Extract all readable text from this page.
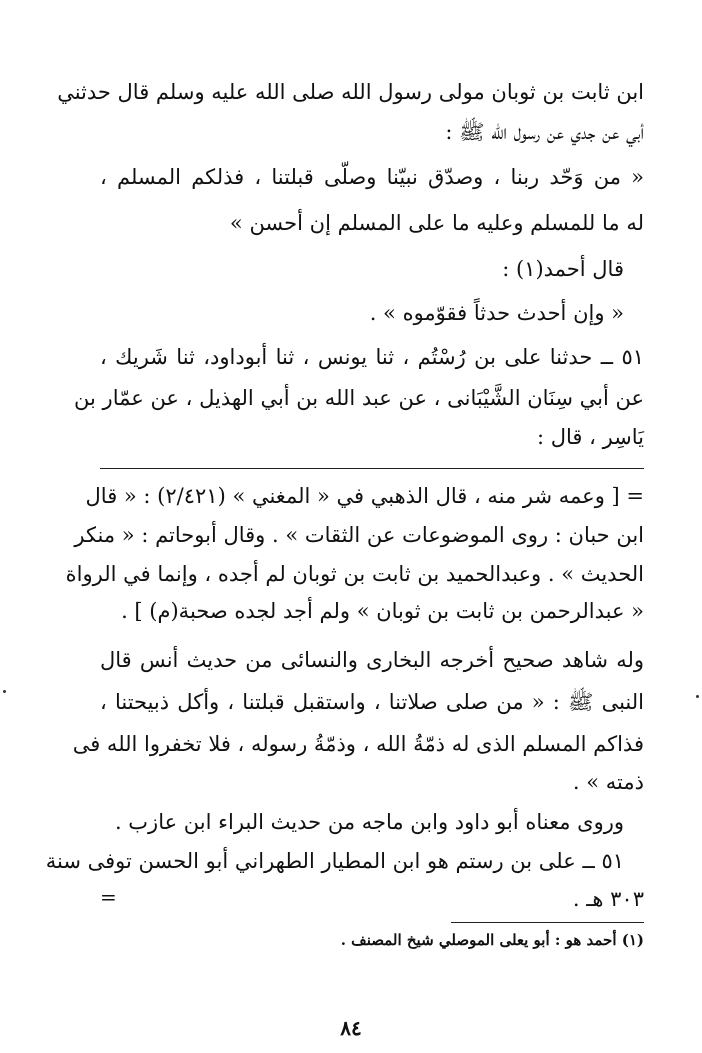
ابن ثابت بن ثوبان مولى رسول الله صلى الله عليه وسلم قال حدثني
أبي عن جدي عن رسول الله ﷺ :
« من وَحّد ربنا ، وصدّق نبيّنا وصلّى قبلتنا ، فذلكم المسلم ،
له ما للمسلم وعليه ما على المسلم إن أحسن »
قال أحمد(١) :
« وإن أحدث حدثاً فقوّموه » .
٥١ ــ حدثنا على بن رُسْتُم ، ثنا يونس ، ثنا أبوداود، ثنا شَريك ،
عن أبي سِنَان الشَّيْبَانى ، عن عبد الله بن أبي الهذيل ، عن عمّار بن
يَاسِر ، قال :
= [ وعمه شر منه ، قال الذهبي في « المغني » (٢/٤٢١) : « قال
ابن حبان : روى الموضوعات عن الثقات » . وقال أبوحاتم : « منكر
الحديث » . وعبدالحميد بن ثابت بن ثوبان لم أجده ، وإنما في الرواة
« عبدالرحمن بن ثابت بن ثوبان » ولم أجد لجده صحبة(م) ] .
وله شاهد صحيح أخرجه البخارى والنسائى من حديث أنس قال
النبى ﷺ : « من صلى صلاتنا ، واستقبل قبلتنا ، وأكل ذبيحتنا ،
فذاكم المسلم الذى له ذمّةُ الله ، وذمّةُ رسوله ، فلا تخفروا الله فى
ذمته » .
وروى معناه أبو داود وابن ماجه من حديث البراء ابن عازب .
٥١ ــ على بن رستم هو ابن المطيار الطهراني أبو الحسن توفى سنة
٣٠٣ هـ .
=
(١) أحمد هو : أبو يعلى الموصلي شيخ المصنف .
٨٤
